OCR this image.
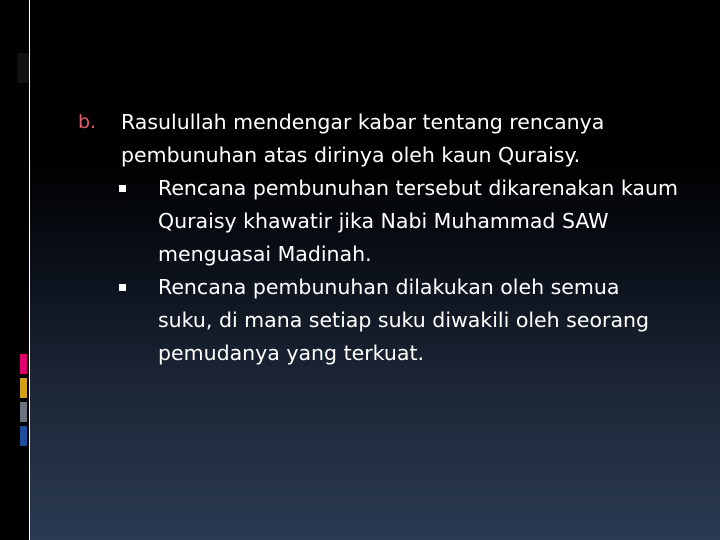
b. Rasulullah mendengar kabar tentang rencanya pembunuhan atas dirinya oleh kaun Quraisy.
Rencana pembunuhan tersebut dikarenakan kaum Quraisy khawatir jika Nabi Muhammad SAW menguasai Madinah.
Rencana pembunuhan dilakukan oleh semua suku, di mana setiap suku diwakili oleh seorang pemudanya yang terkuat.
